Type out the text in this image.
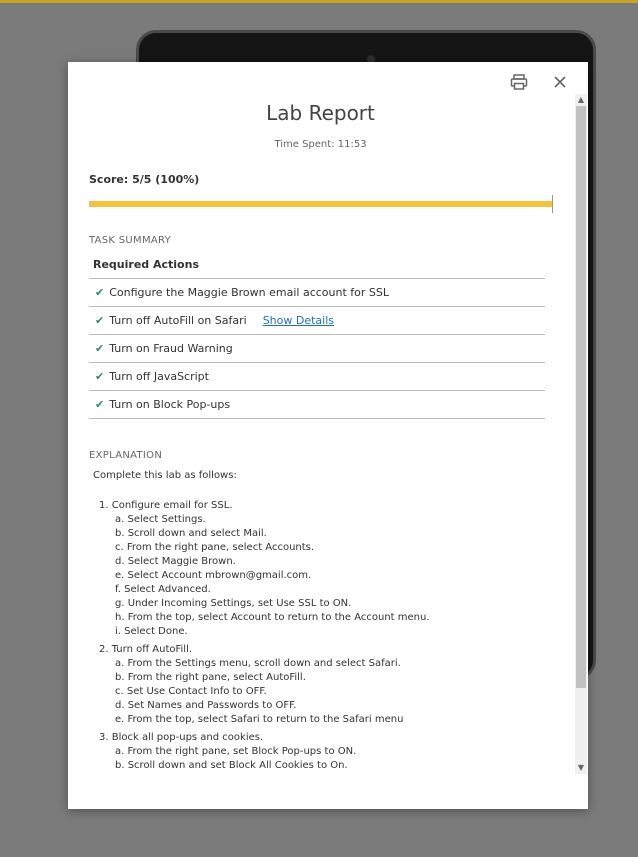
Lab Report
Time Spent: 11:53
Score: 5/5 (100%)
TASK SUMMARY
Required Actions
✔ Configure the Maggie Brown email account for SSL
✔ Turn off AutoFill on Safari Show Details
✔ Turn on Fraud Warning
✔ Turn off JavaScript
✔ Turn on Block Pop-ups
EXPLANATION
Complete this lab as follows:
1. Configure email for SSL.
a. Select Settings.
b. Scroll down and select Mail.
c. From the right pane, select Accounts.
d. Select Maggie Brown.
e. Select Account mbrown@gmail.com.
f. Select Advanced.
g. Under Incoming Settings, set Use SSL to ON.
h. From the top, select Account to return to the Account menu.
i. Select Done.
2. Turn off AutoFill.
a. From the Settings menu, scroll down and select Safari.
b. From the right pane, select AutoFill.
c. Set Use Contact Info to OFF.
d. Set Names and Passwords to OFF.
e. From the top, select Safari to return to the Safari menu
3. Block all pop-ups and cookies.
a. From the right pane, set Block Pop-ups to ON.
b. Scroll down and set Block All Cookies to On.
▲
▼
